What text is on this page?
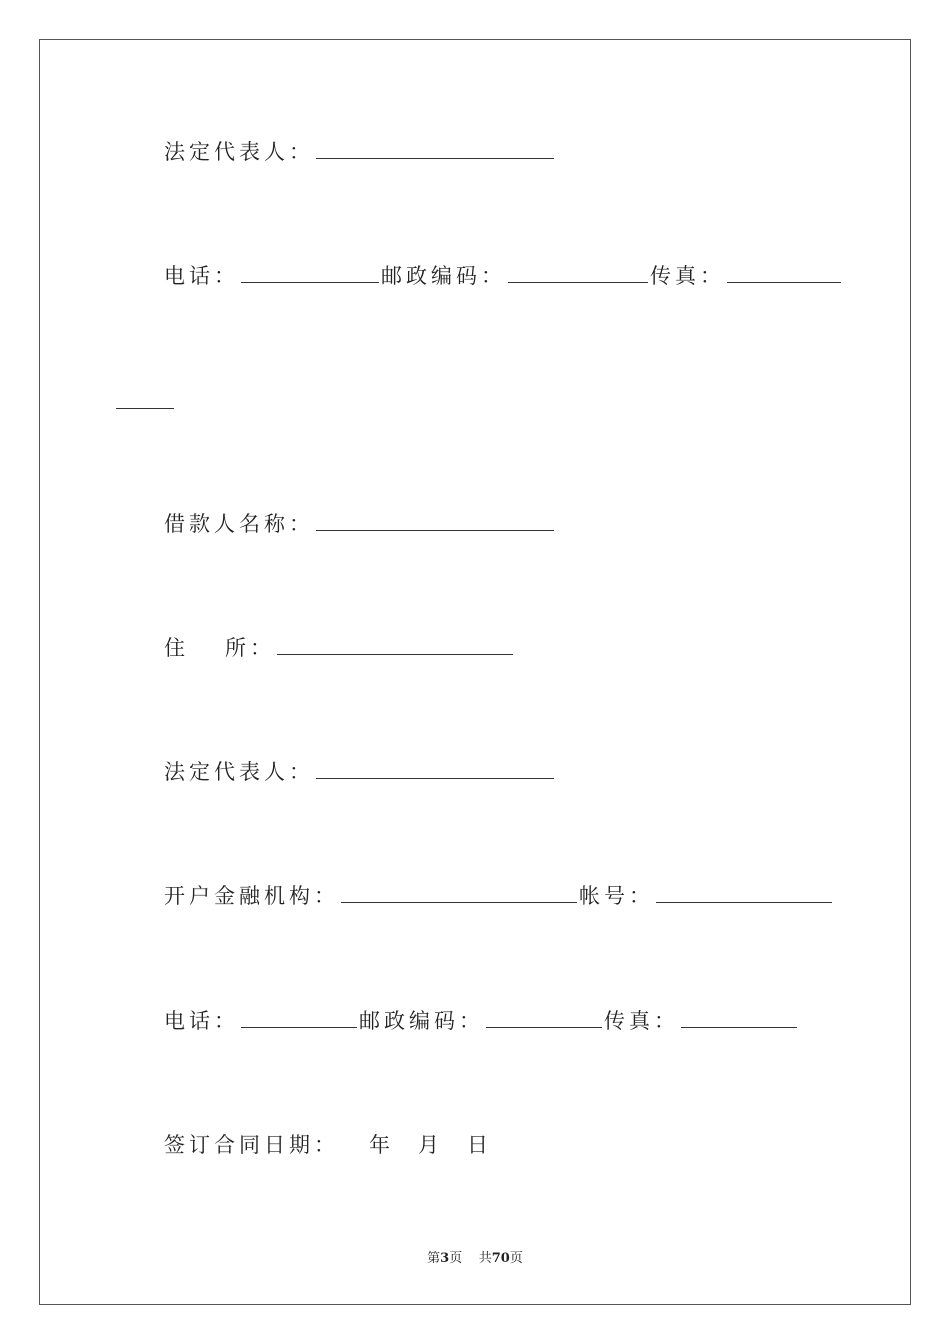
法定代表人：
电话：	邮政编码：	传真：
借款人名称：
住 所：
法定代表人：
开户金融机构：	帐号：
电话：	邮政编码：	传真：
签订合同日期： 年 月 日
第3页 共70页
